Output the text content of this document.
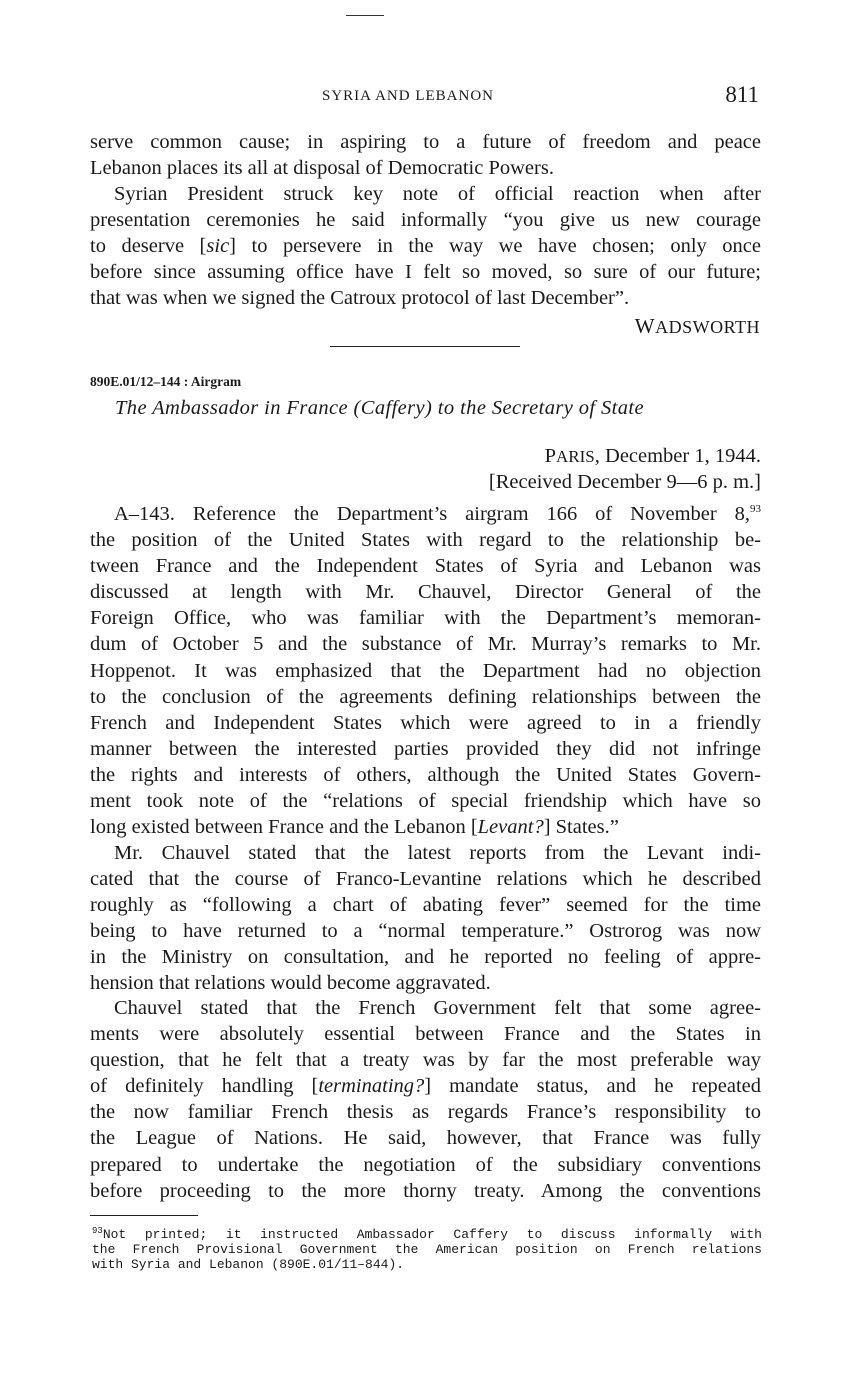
SYRIA AND LEBANON	811
serve common cause; in aspiring to a future of freedom and peace
Lebanon places its all at disposal of Democratic Powers.
Syrian President struck key note of official reaction when after
presentation ceremonies he said informally “you give us new courage
to deserve [sic] to persevere in the way we have chosen; only once
before since assuming office have I felt so moved, so sure of our future;
that was when we signed the Catroux protocol of last December”.
WADSWORTH
890E.01/12–144 : Airgram
The Ambassador in France (Caffery) to the Secretary of State
PARIS, December 1, 1944.
[Received December 9—6 p. m.]
A–143. Reference the Department’s airgram 166 of November 8,93
the position of the United States with regard to the relationship be-
tween France and the Independent States of Syria and Lebanon was
discussed at length with Mr. Chauvel, Director General of the
Foreign Office, who was familiar with the Department’s memoran-
dum of October 5 and the substance of Mr. Murray’s remarks to Mr.
Hoppenot. It was emphasized that the Department had no objection
to the conclusion of the agreements defining relationships between the
French and Independent States which were agreed to in a friendly
manner between the interested parties provided they did not infringe
the rights and interests of others, although the United States Govern-
ment took note of the “relations of special friendship which have so
long existed between France and the Lebanon [Levant?] States.”
Mr. Chauvel stated that the latest reports from the Levant indi-
cated that the course of Franco-Levantine relations which he described
roughly as “following a chart of abating fever” seemed for the time
being to have returned to a “normal temperature.” Ostrorog was now
in the Ministry on consultation, and he reported no feeling of appre-
hension that relations would become aggravated.
Chauvel stated that the French Government felt that some agree-
ments were absolutely essential between France and the States in
question, that he felt that a treaty was by far the most preferable way
of definitely handling [terminating?] mandate status, and he repeated
the now familiar French thesis as regards France’s responsibility to
the League of Nations. He said, however, that France was fully
prepared to undertake the negotiation of the subsidiary conventions
before proceeding to the more thorny treaty. Among the conventions
$^{93}$Not printed; it instructed Ambassador Caffery to discuss informally with
the French Provisional Government the American position on French relations
with Syria and Lebanon (890E.01/11–844).
